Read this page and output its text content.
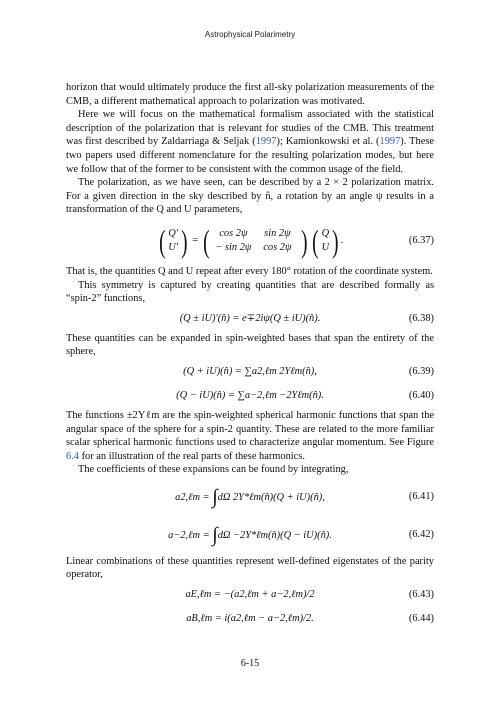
Astrophysical Polarimetry

horizon that would ultimately produce the first all-sky polarization measurements of the CMB, a different mathematical approach to polarization was motivated.

Here we will focus on the mathematical formalism associated with the statistical description of the polarization that is relevant for studies of the CMB. This treatment was first described by Zaldarriaga & Seljak (1997); Kamionkowski et al. (1997). These two papers used different nomenclature for the resulting polarization modes, but here we follow that of the former to be consistent with the common usage of the field.

The polarization, as we have seen, can be described by a 2 × 2 polarization matrix. For a given direction in the sky described by n̂, a rotation by an angle ψ results in a transformation of the Q and U parameters,

( Q′
U′ ) = ( cos 2ψ sin 2ψ
− sin 2ψ cos 2ψ ) ( Q
U ) .	(6.37)

That is, the quantities Q and U repeat after every 180° rotation of the coordinate system.

This symmetry is captured by creating quantities that are described formally as “spin-2” functions,

(Q ± iU)′(n̂) = e∓2iψ(Q ± iU)(n̂).	(6.38)

These quantities can be expanded in spin-weighted bases that span the entirety of the sphere,

(Q + iU)(n̂) = ∑a2,ℓm 2Yℓm(n̂),	(6.39)
(Q − iU)(n̂) = ∑a−2,ℓm −2Yℓm(n̂).	(6.40)

The functions ±2Yℓm are the spin-weighted spherical harmonic functions that span the angular space of the sphere for a spin-2 quantity. These are related to the more familiar scalar spherical harmonic functions used to characterize angular momentum. See Figure 6.4 for an illustration of the real parts of these harmonics.

The coefficients of these expansions can be found by integrating,

a2,ℓm = ∫dΩ 2Y*ℓm(n̂)(Q + iU)(n̂),	(6.41)
a−2,ℓm = ∫dΩ −2Y*ℓm(n̂)(Q − iU)(n̂).	(6.42)

Linear combinations of these quantities represent well-defined eigenstates of the parity operator,

aE,ℓm = −(a2,ℓm + a−2,ℓm)/2	(6.43)
aB,ℓm = i(a2,ℓm − a−2,ℓm)/2.	(6.44)
6-15
